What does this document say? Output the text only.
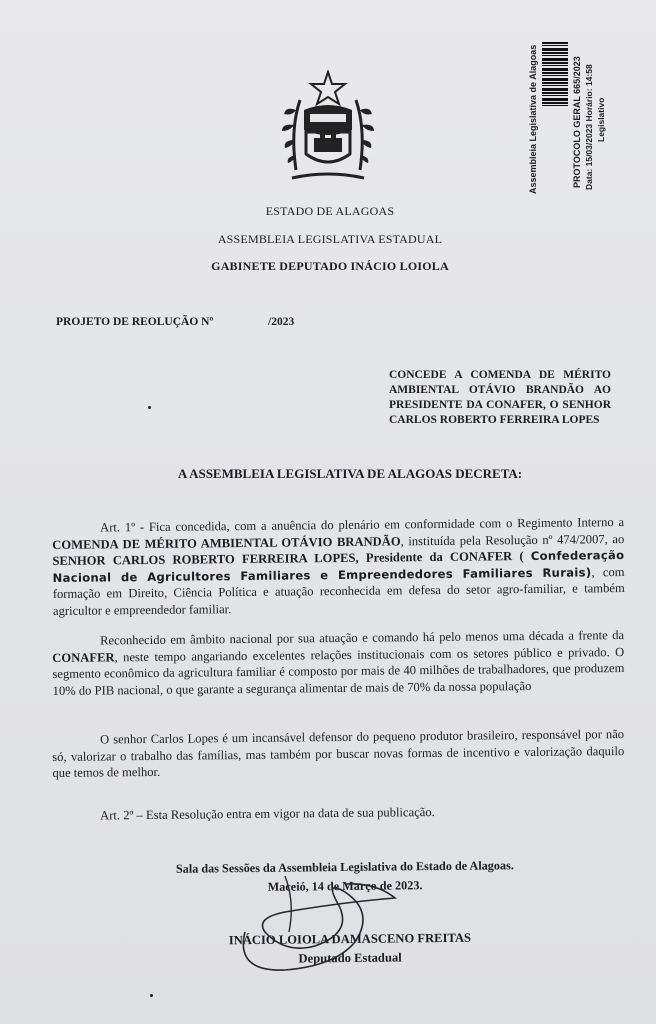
ESTADO DE ALAGOAS
ASSEMBLEIA LEGISLATIVA ESTADUAL
GABINETE DEPUTADO INÁCIO LOIOLA
Assembleia Legislativa de Alagoas	PROTOCOLO GERAL 665/2023 Data: 15/03/2023 Horário: 14:58 Legislativo
PROJETO DE REOLUÇÃO Nº	/2023
CONCEDE A COMENDA DE MÉRITO AMBIENTAL OTÁVIO BRANDÃO AO PRESIDENTE DA CONAFER, O SENHOR CARLOS ROBERTO FERREIRA LOPES
A ASSEMBLEIA LEGISLATIVA DE ALAGOAS DECRETA:

Art. 1º - Fica concedida, com a anuência do plenário em conformidade com o Regimento Interno a COMENDA DE MÉRITO AMBIENTAL OTÁVIO BRANDÃO, instituída pela Resolução nº 474/2007, ao SENHOR CARLOS ROBERTO FERREIRA LOPES, Presidente da CONAFER ( Confederação Nacional de Agricultores Familiares e Empreendedores Familiares Rurais), com formação em Direito, Ciência Política e atuação reconhecida em defesa do setor agro-familiar, e também agricultor e empreendedor familiar.

Reconhecido em âmbito nacional por sua atuação e comando há pelo menos uma década a frente da CONAFER, neste tempo angariando excelentes relações institucionais com os setores público e privado. O segmento econômico da agricultura familiar é composto por mais de 40 milhões de trabalhadores, que produzem 10% do PIB nacional, o que garante a segurança alimentar de mais de 70% da nossa população

O senhor Carlos Lopes é um incansável defensor do pequeno produtor brasileiro, responsável por não só, valorizar o trabalho das famílias, mas também por buscar novas formas de incentivo e valorização daquilo que temos de melhor.

Art. 2º – Esta Resolução entra em vigor na data de sua publicação.

Sala das Sessões da Assembleia Legislativa do Estado de Alagoas.
Maceió, 14 de Março de 2023.
INÁCIO LOIOLA DAMASCENO FREITAS
Deputado Estadual
